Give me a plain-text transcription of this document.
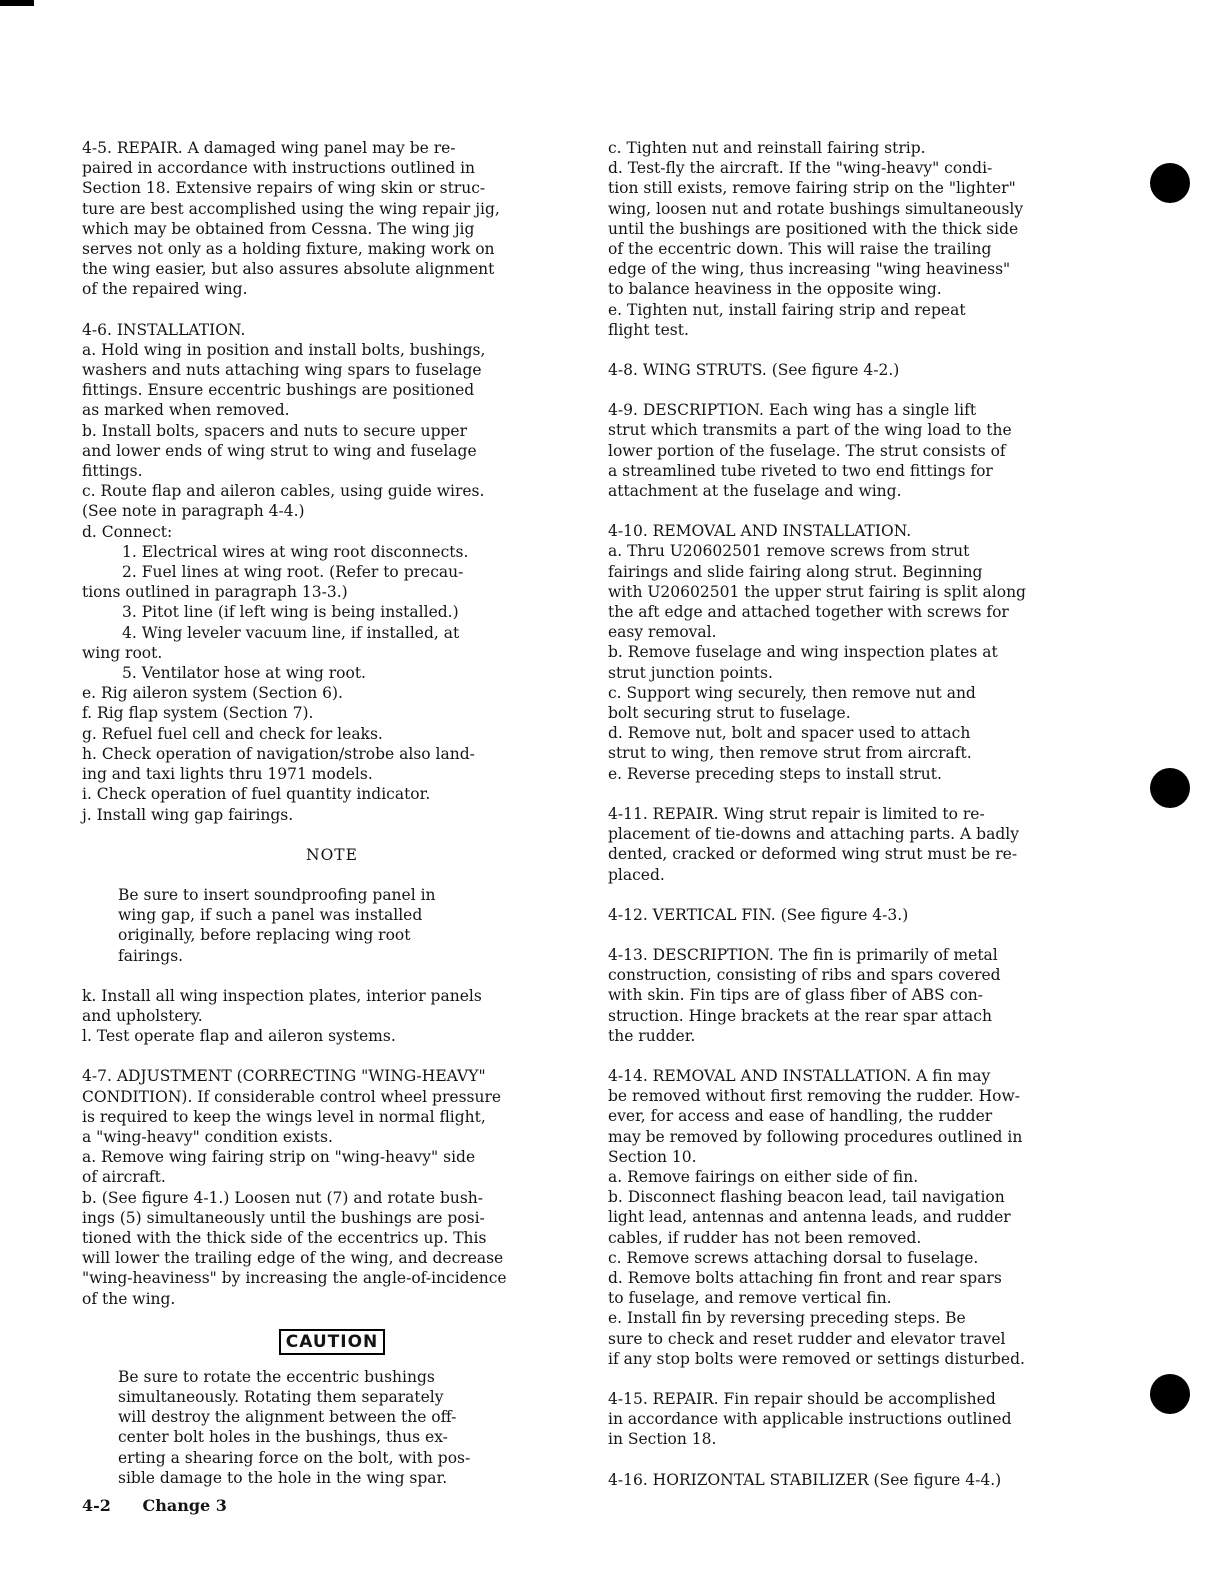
4-5. REPAIR. A damaged wing panel may be re-
paired in accordance with instructions outlined in
Section 18. Extensive repairs of wing skin or struc-
ture are best accomplished using the wing repair jig,
which may be obtained from Cessna. The wing jig
serves not only as a holding fixture, making work on
the wing easier, but also assures absolute alignment
of the repaired wing.

4-6. INSTALLATION.

a. Hold wing in position and install bolts, bushings,
washers and nuts attaching wing spars to fuselage
fittings. Ensure eccentric bushings are positioned
as marked when removed.

b. Install bolts, spacers and nuts to secure upper
and lower ends of wing strut to wing and fuselage
fittings.

c. Route flap and aileron cables, using guide wires.
(See note in paragraph 4-4.)

d. Connect:

1. Electrical wires at wing root disconnects.

2. Fuel lines at wing root. (Refer to precau-

tions outlined in paragraph 13-3.)

3. Pitot line (if left wing is being installed.)

4. Wing leveler vacuum line, if installed, at

wing root.

5. Ventilator hose at wing root.

e. Rig aileron system (Section 6).

f. Rig flap system (Section 7).

g. Refuel fuel cell and check for leaks.

h. Check operation of navigation/strobe also land-
ing and taxi lights thru 1971 models.

i. Check operation of fuel quantity indicator.

j. Install wing gap fairings.

NOTE

Be sure to insert soundproofing panel in
wing gap, if such a panel was installed
originally, before replacing wing root
fairings.

k. Install all wing inspection plates, interior panels
and upholstery.

l. Test operate flap and aileron systems.

4-7. ADJUSTMENT (CORRECTING "WING-HEAVY"
CONDITION). If considerable control wheel pressure
is required to keep the wings level in normal flight,
a "wing-heavy" condition exists.

a. Remove wing fairing strip on "wing-heavy" side
of aircraft.

b. (See figure 4-1.) Loosen nut (7) and rotate bush-
ings (5) simultaneously until the bushings are posi-
tioned with the thick side of the eccentrics up. This
will lower the trailing edge of the wing, and decrease
"wing-heaviness" by increasing the angle-of-incidence
of the wing.

CAUTION

Be sure to rotate the eccentric bushings
simultaneously. Rotating them separately
will destroy the alignment between the off-
center bolt holes in the bushings, thus ex-
erting a shearing force on the bolt, with pos-
sible damage to the hole in the wing spar.

c. Tighten nut and reinstall fairing strip.

d. Test-fly the aircraft. If the "wing-heavy" condi-
tion still exists, remove fairing strip on the "lighter"
wing, loosen nut and rotate bushings simultaneously
until the bushings are positioned with the thick side
of the eccentric down. This will raise the trailing
edge of the wing, thus increasing "wing heaviness"
to balance heaviness in the opposite wing.

e. Tighten nut, install fairing strip and repeat
flight test.

4-8. WING STRUTS. (See figure 4-2.)

4-9. DESCRIPTION. Each wing has a single lift
strut which transmits a part of the wing load to the
lower portion of the fuselage. The strut consists of
a streamlined tube riveted to two end fittings for
attachment at the fuselage and wing.

4-10. REMOVAL AND INSTALLATION.

a. Thru U20602501 remove screws from strut
fairings and slide fairing along strut. Beginning
with U20602501 the upper strut fairing is split along
the aft edge and attached together with screws for
easy removal.

b. Remove fuselage and wing inspection plates at
strut junction points.

c. Support wing securely, then remove nut and
bolt securing strut to fuselage.

d. Remove nut, bolt and spacer used to attach
strut to wing, then remove strut from aircraft.

e. Reverse preceding steps to install strut.

4-11. REPAIR. Wing strut repair is limited to re-
placement of tie-downs and attaching parts. A badly
dented, cracked or deformed wing strut must be re-
placed.

4-12. VERTICAL FIN. (See figure 4-3.)

4-13. DESCRIPTION. The fin is primarily of metal
construction, consisting of ribs and spars covered
with skin. Fin tips are of glass fiber of ABS con-
struction. Hinge brackets at the rear spar attach
the rudder.

4-14. REMOVAL AND INSTALLATION. A fin may
be removed without first removing the rudder. How-
ever, for access and ease of handling, the rudder
may be removed by following procedures outlined in
Section 10.

a. Remove fairings on either side of fin.

b. Disconnect flashing beacon lead, tail navigation
light lead, antennas and antenna leads, and rudder
cables, if rudder has not been removed.

c. Remove screws attaching dorsal to fuselage.

d. Remove bolts attaching fin front and rear spars
to fuselage, and remove vertical fin.

e. Install fin by reversing preceding steps. Be
sure to check and reset rudder and elevator travel
if any stop bolts were removed or settings disturbed.

4-15. REPAIR. Fin repair should be accomplished
in accordance with applicable instructions outlined
in Section 18.

4-16. HORIZONTAL STABILIZER (See figure 4-4.)

4-2 Change 3
